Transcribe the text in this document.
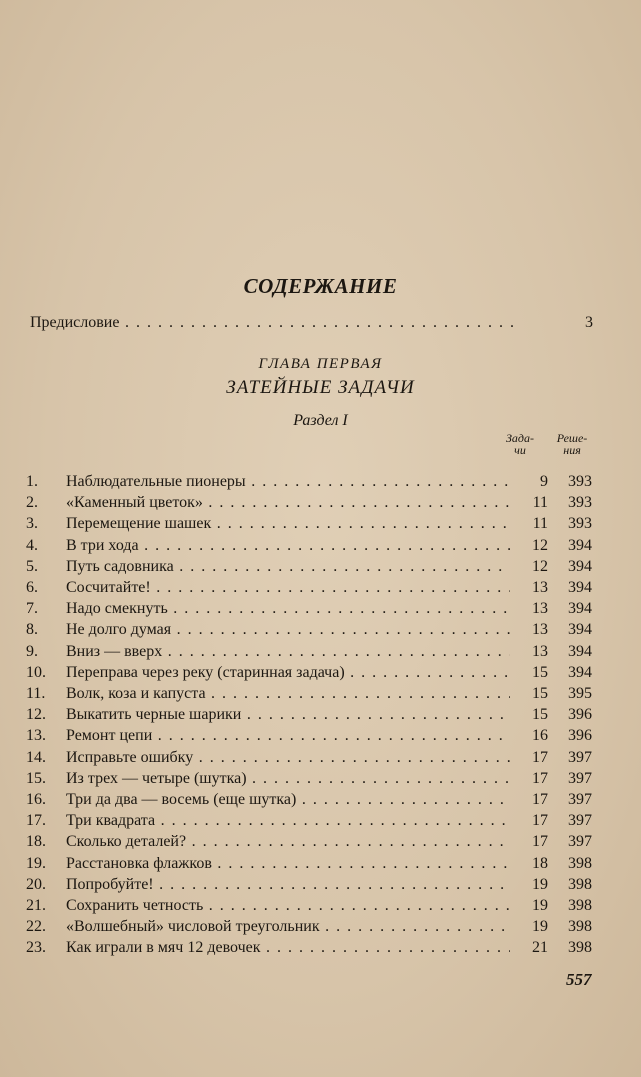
СОДЕРЖАНИЕ
Предисловие . . .	3
ГЛАВА ПЕРВАЯ
ЗАТЕЙНЫЕ ЗАДАЧИ
Раздел I
Зада-
чи
Реше-
ния
1. Наблюдательные пионеры . . .	9	393
2. «Каменный цветок» . . .	11	393
3. Перемещение шашек . . .	11	393
4. В три хода . . .	12	394
5. Путь садовника . . .	12	394
6. Сосчитайте! . . .	13	394
7. Надо смекнуть . . .	13	394
8. Не долго думая . . .	13	394
9. Вниз — вверх . . .	13	394
10. Переправа через реку (старинная задача) . . .	15	394
11. Волк, коза и капуста . . .	15	395
12. Выкатить черные шарики . . .	15	396
13. Ремонт цепи . . .	16	396
14. Исправьте ошибку . . .	17	397
15. Из трех — четыре (шутка) . . .	17	397
16. Три да два — восемь (еще шутка) . . .	17	397
17. Три квадрата . . .	17	397
18. Сколько деталей? . . .	17	397
19. Расстановка флажков . . .	18	398
20. Попробуйте! . . .	19	398
21. Сохранить четность . . .	19	398
22. «Волшебный» числовой треугольник . . .	19	398
23. Как играли в мяч 12 девочек . . .	21	398
557
